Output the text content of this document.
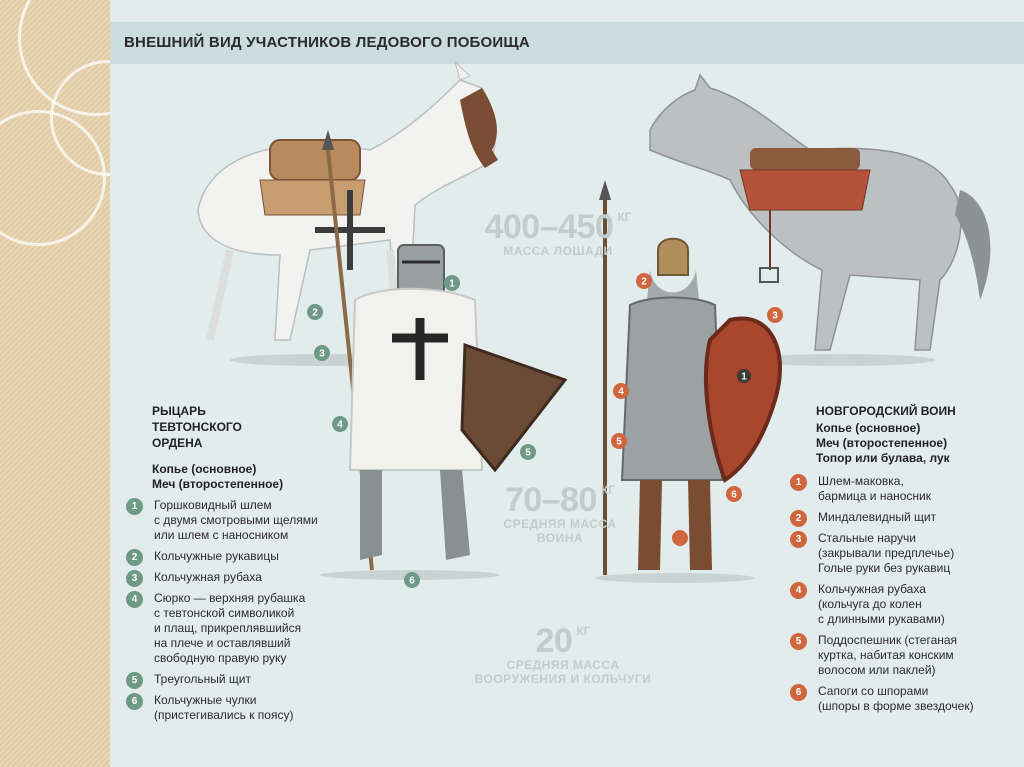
ВНЕШНИЙ ВИД УЧАСТНИКОВ ЛЕДОВОГО ПОБОИЩА
1
2
3
4
5
6
1
2
3
4
5
6
400–450 $^{КГ}$
МАССА ЛОШАДИ
70–80 $^{КГ}$
СРЕДНЯЯ МАССА
ВОИНА
20 $^{КГ}$
СРЕДНЯЯ МАССА
ВООРУЖЕНИЯ И КОЛЬЧУГИ
РЫЦАРЬ
ТЕВТОНСКОГО
ОРДЕНА
Копье (основное)
Меч (второстепенное)
1	Горшковидный шлем
с двумя смотровыми щелями
или шлем с наносником
2	Кольчужные рукавицы
3	Кольчужная рубаха
4	Сюрко — верхняя рубашка
с тевтонской символикой
и плащ, прикреплявшийся
на плече и оставлявший
свободную правую руку
5	Треугольный щит
6	Кольчужные чулки
(пристегивались к поясу)
НОВГОРОДСКИЙ ВОИН
Копье (основное)
Меч (второстепенное)
Топор или булава, лук
1	Шлем-маковка,
бармица и наносник
2	Миндалевидный щит
3	Стальные наручи
(закрывали предплечье)
Голые руки без рукавиц
4	Кольчужная рубаха
(кольчуга до колен
с длинными рукавами)
5	Поддоспешник (стеганая
куртка, набитая конским
волосом или паклей)
6	Сапоги со шпорами
(шпоры в форме звездочек)
